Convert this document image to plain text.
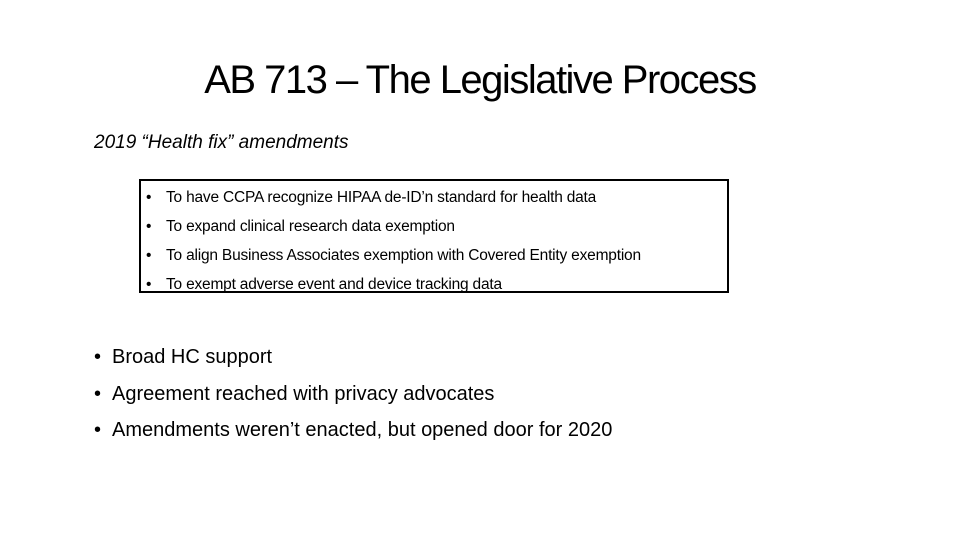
AB 713 – The Legislative Process
2019 “Health fix” amendments
• To have CCPA recognize HIPAA de-ID’n standard for health data
• To expand clinical research data exemption
• To align Business Associates exemption with Covered Entity exemption
• To exempt adverse event and device tracking data
• Broad HC support
• Agreement reached with privacy advocates
• Amendments weren’t enacted, but opened door for 2020
